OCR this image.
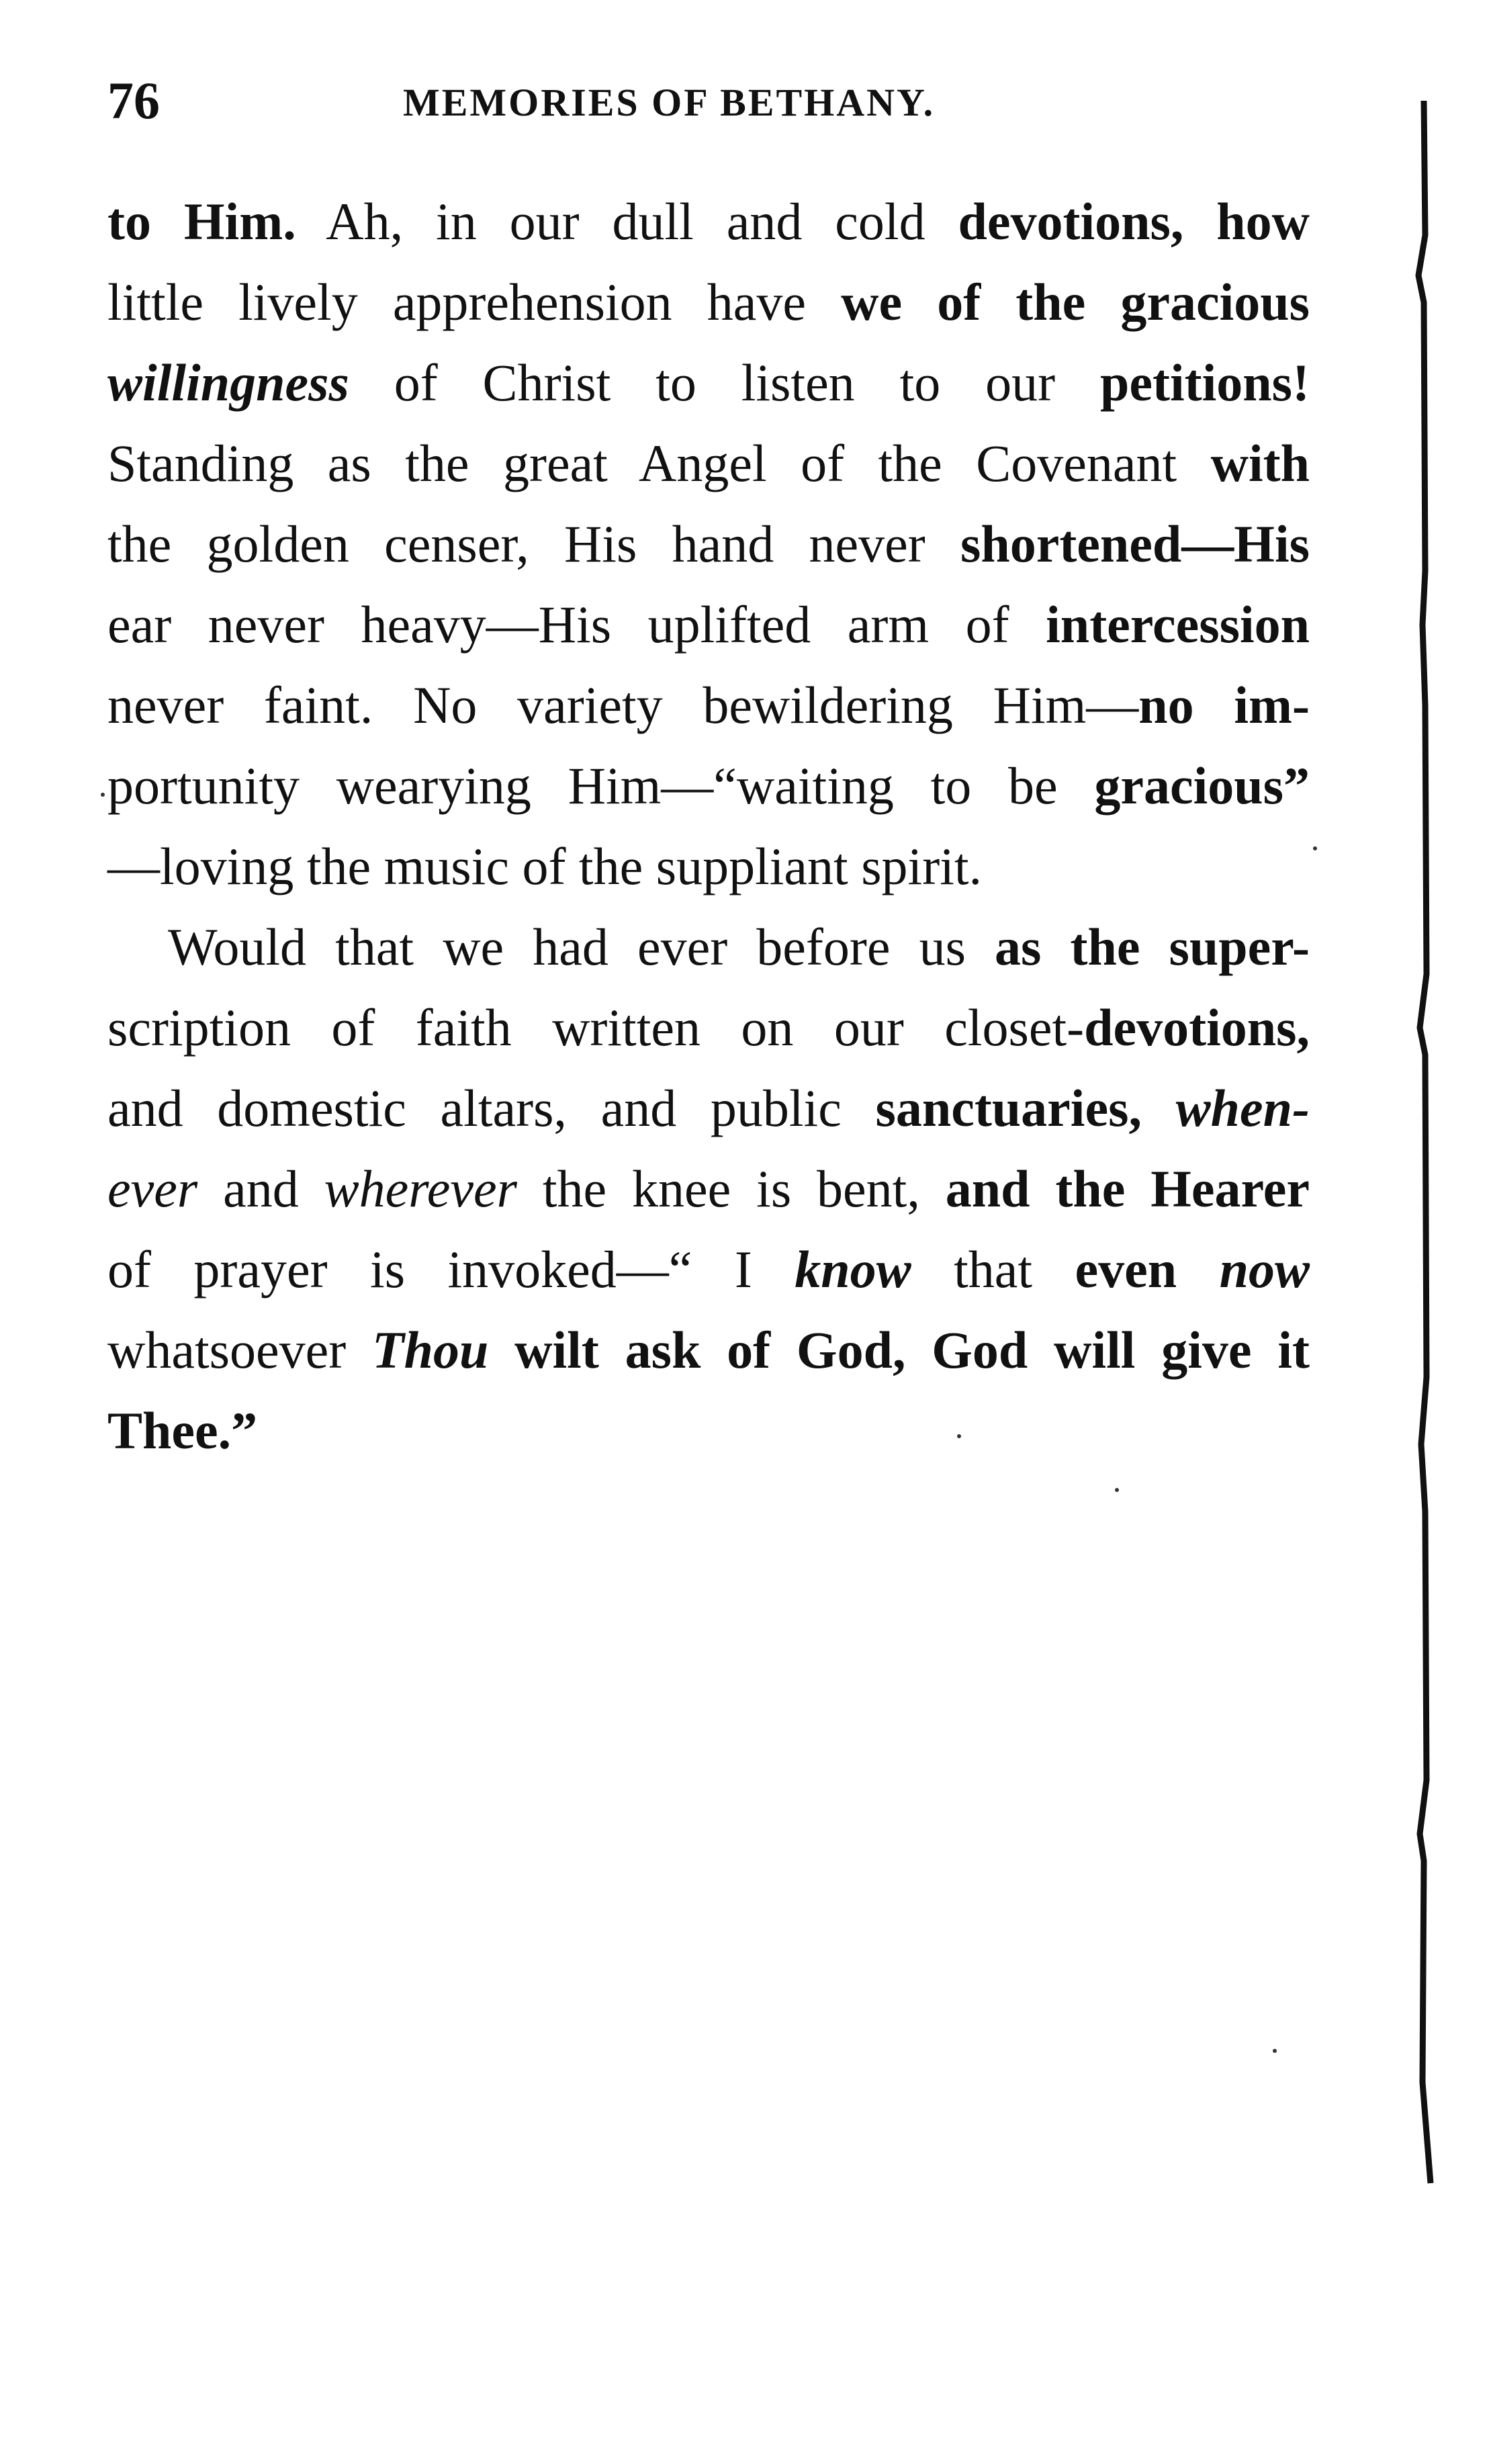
76	MEMORIES OF BETHANY.
to Him. Ah, in our dull and cold devotions, how
little lively apprehension have we of the gracious
willingness of Christ to listen to our petitions!
Standing as the great Angel of the Covenant with
the golden censer, His hand never shortened—His
ear never heavy—His uplifted arm of intercession
never faint. No variety bewildering Him—no im-
portunity wearying Him—“waiting to be gracious”
—loving the music of the suppliant spirit.
Would that we had ever before us as the super-
scription of faith written on our closet-devotions,
and domestic altars, and public sanctuaries, when-
ever and wherever the knee is bent, and the Hearer
of prayer is invoked—“ I know that even now
whatsoever Thou wilt ask of God, God will give it
Thee.”
